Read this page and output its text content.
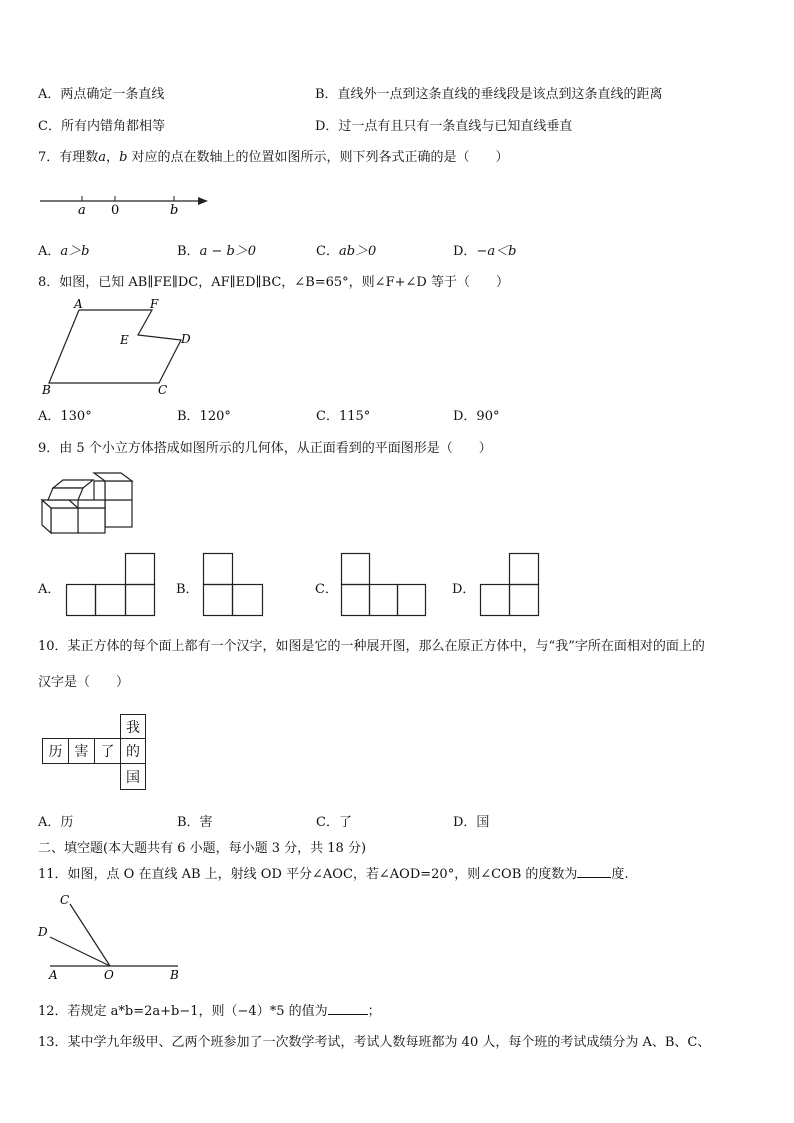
A．两点确定一条直线	B．直线外一点到这条直线的垂线段是该点到这条直线的距离
C．所有内错角都相等	D．过一点有且只有一条直线与已知直线垂直
7．有理数a，b 对应的点在数轴上的位置如图所示，则下列各式正确的是（　　）
a 0	b
A．a＞b	B．a − b＞0	C．ab＞0	D．−a＜b
8．如图，已知 AB∥FE∥DC，AF∥ED∥BC，∠B=65°，则∠F+∠D 等于（　　）
A	F
E	D
B	C
A．130°	B．120°	C．115°	D．90°
9．由 5 个小立方体搭成如图所示的几何体，从正面看到的平面图形是（　　）
A．	B．	C．	D．
10．某正方体的每个面上都有一个汉字，如图是它的一种展开图，那么在原正方体中，与“我”字所在面相对的面上的
汉字是（　　）
历 害 了
我
的
国
A．历	B．害	C．了	D．国
二、填空题(本大题共有 6 小题，每小题 3 分，共 18 分)
11．如图，点 O 在直线 AB 上，射线 OD 平分∠AOC，若∠AOD=20°，则∠COB 的度数为	度.
C
D
A	O	B
12．若规定 a*b=2a+b−1，则（−4）*5 的值为	；
13．某中学九年级甲、乙两个班参加了一次数学考试，考试人数每班都为 40 人，每个班的考试成绩分为 A、B、C、
